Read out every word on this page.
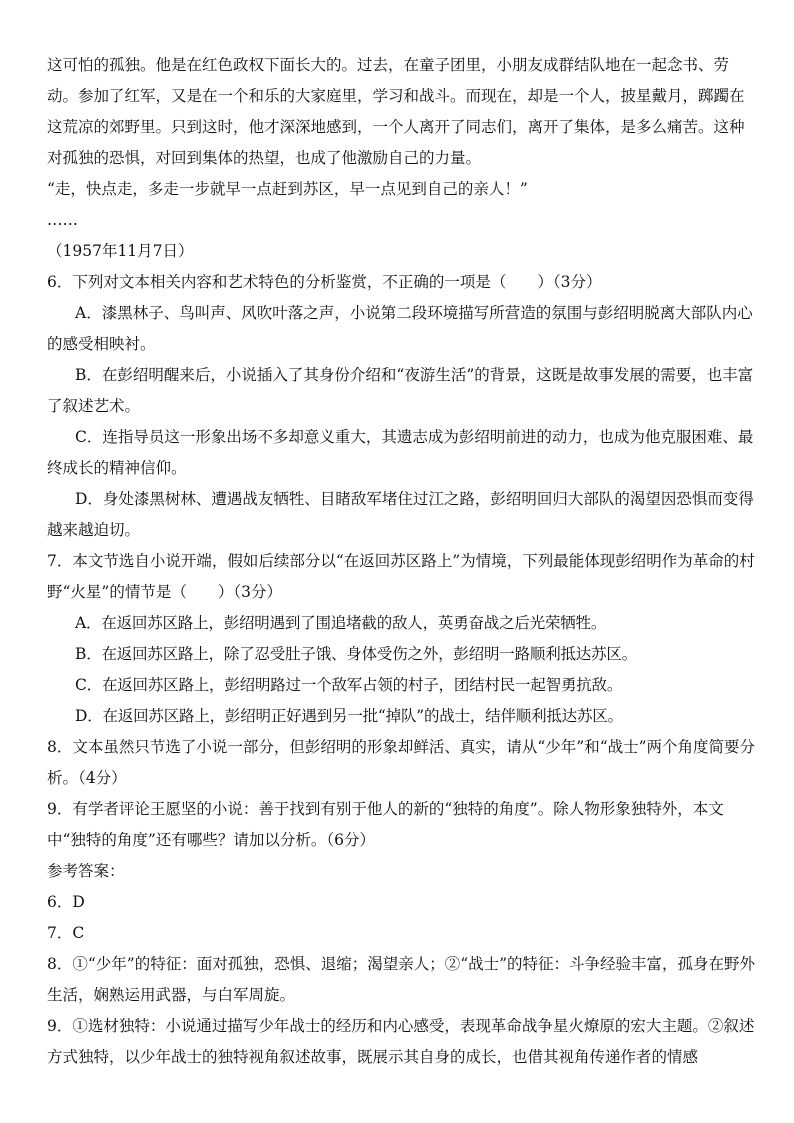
这可怕的孤独。他是在红色政权下面长大的。过去，在童子团里，小朋友成群结队地在一起念书、劳动。参加了红军，又是在一个和乐的大家庭里，学习和战斗。而现在，却是一个人，披星戴月，踯躅在这荒凉的郊野里。只到这时，他才深深地感到，一个人离开了同志们，离开了集体，是多么痛苦。这种对孤独的恐惧，对回到集体的热望，也成了他激励自己的力量。

“走，快点走，多走一步就早一点赶到苏区，早一点见到自己的亲人！”

……

（1957年11月7日）

6．下列对文本相关内容和艺术特色的分析鉴赏，不正确的一项是（　　）（3分）

A．漆黑林子、鸟叫声、风吹叶落之声，小说第二段环境描写所营造的氛围与彭绍明脱离大部队内心的感受相映衬。

B．在彭绍明醒来后，小说插入了其身份介绍和“夜游生活”的背景，这既是故事发展的需要，也丰富了叙述艺术。

C．连指导员这一形象出场不多却意义重大，其遗志成为彭绍明前进的动力，也成为他克服困难、最终成长的精神信仰。

D．身处漆黑树林、遭遇战友牺牲、目睹敌军堵住过江之路，彭绍明回归大部队的渴望因恐惧而变得越来越迫切。

7．本文节选自小说开端，假如后续部分以“在返回苏区路上”为情境，下列最能体现彭绍明作为革命的村野“火星”的情节是（　　）（3分）

A．在返回苏区路上，彭绍明遇到了围追堵截的敌人，英勇奋战之后光荣牺牲。

B．在返回苏区路上，除了忍受肚子饿、身体受伤之外，彭绍明一路顺利抵达苏区。

C．在返回苏区路上，彭绍明路过一个敌军占领的村子，团结村民一起智勇抗敌。

D．在返回苏区路上，彭绍明正好遇到另一批“掉队”的战士，结伴顺利抵达苏区。

8．文本虽然只节选了小说一部分，但彭绍明的形象却鲜活、真实，请从“少年”和“战士”两个角度简要分析。（4分）

9．有学者评论王愿坚的小说：善于找到有别于他人的新的“独特的角度”。除人物形象独特外，本文中“独特的角度”还有哪些？请加以分析。（6分）

参考答案：

6．D

7．C

8．①“少年”的特征：面对孤独，恐惧、退缩；渴望亲人；②“战士”的特征：斗争经验丰富，孤身在野外生活，娴熟运用武器，与白军周旋。

9．①选材独特：小说通过描写少年战士的经历和内心感受，表现革命战争星火燎原的宏大主题。②叙述方式独特，以少年战士的独特视角叙述故事，既展示其自身的成长，也借其视角传递作者的情感
